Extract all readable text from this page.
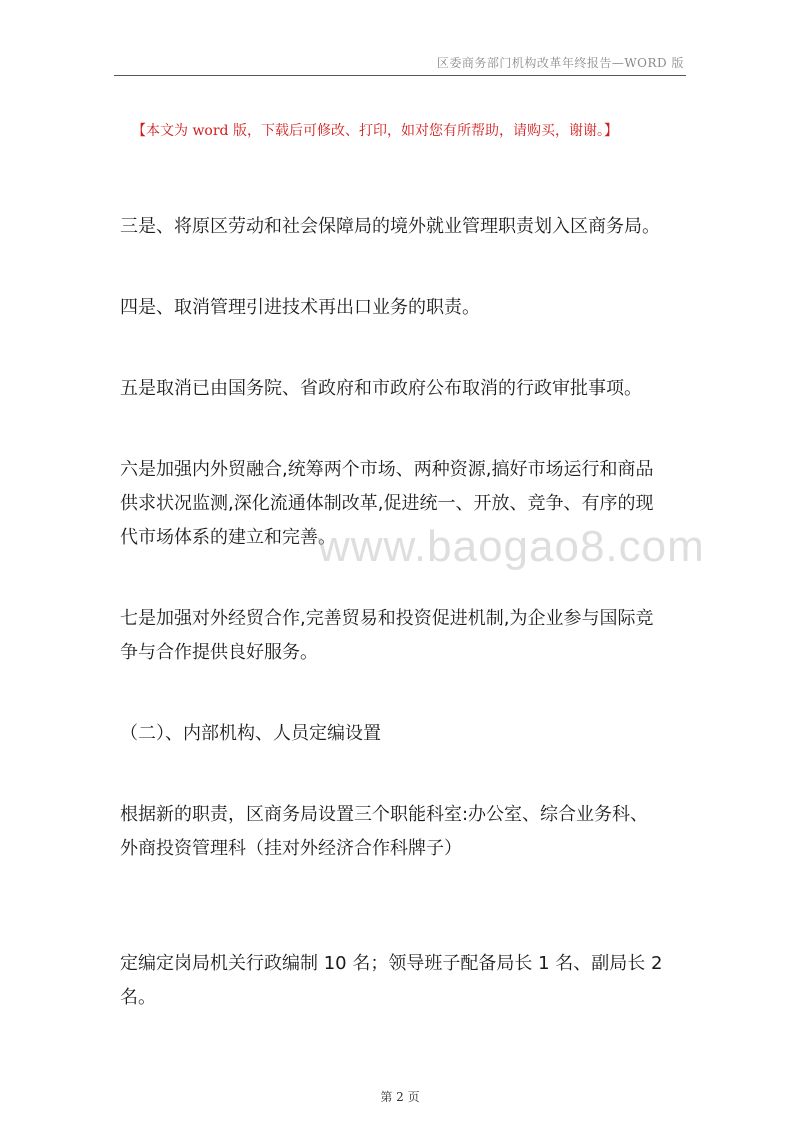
区委商务部门机构改革年终报告—WORD 版
【本文为 word 版，下载后可修改、打印，如对您有所帮助，请购买，谢谢。】
三是、将原区劳动和社会保障局的境外就业管理职责划入区商务局。
四是、取消管理引进技术再出口业务的职责。
五是取消已由国务院、省政府和市政府公布取消的行政审批事项。
六是加强内外贸融合,统筹两个市场、两种资源,搞好市场运行和商品
供求状况监测,深化流通体制改革,促进统一、开放、竞争、有序的现
代市场体系的建立和完善。
www.baogao8.com
七是加强对外经贸合作,完善贸易和投资促进机制,为企业参与国际竞
争与合作提供良好服务。
（二）、内部机构、人员定编设置
根据新的职责，区商务局设置三个职能科室:办公室、综合业务科、
外商投资管理科（挂对外经济合作科牌子）
定编定岗局机关行政编制 10 名；领导班子配备局长 1 名、副局长 2
名。
第 2 页
